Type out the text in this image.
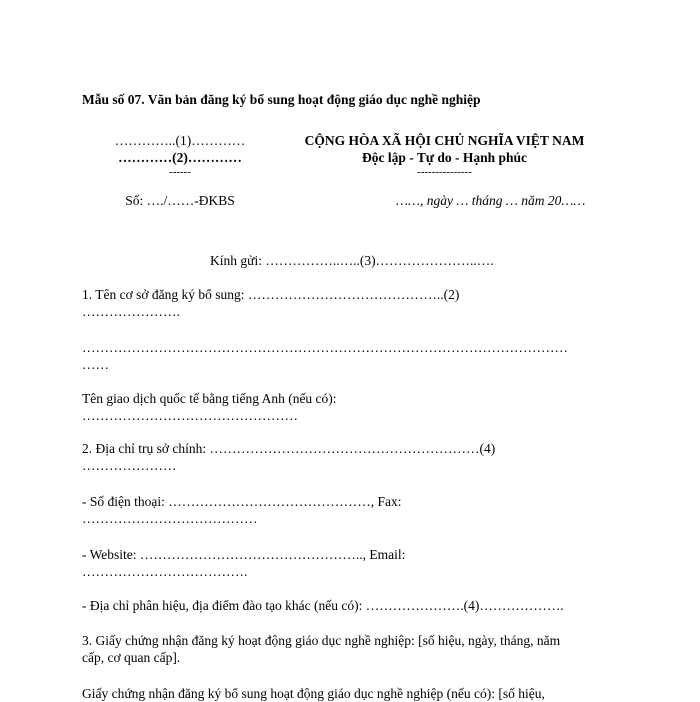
Mẫu số 07. Văn bản đăng ký bổ sung hoạt động giáo dục nghề nghiệp
…………..(1)…………
…………(2)…………
------
CỘNG HÒA XÃ HỘI CHỦ NGHĨA VIỆT NAM
Độc lập - Tự do - Hạnh phúc
---------------
Số: …./……-ĐKBS	……, ngày … tháng … năm 20……
Kính gửi: ……………..…..(3)…………………..….
1. Tên cơ sở đăng ký bổ sung: ……………………………………..(2)
………………….
………………………………………………………………………………………………
……
Tên giao dịch quốc tế bằng tiếng Anh (nếu có):
…………………………………………
2. Địa chỉ trụ sở chính: ……………………………………………………(4)
…………………
- Số điện thoại: ………………………………………, Fax:
…………………………………
- Website: ………………………………………….., Email:
……………………………….
- Địa chỉ phân hiệu, địa điểm đào tạo khác (nếu có): ………………….(4)……………….
3. Giấy chứng nhận đăng ký hoạt động giáo dục nghề nghiệp: [số hiệu, ngày, tháng, năm
cấp, cơ quan cấp].
Giấy chứng nhận đăng ký bổ sung hoạt động giáo dục nghề nghiệp (nếu có): [số hiệu,
